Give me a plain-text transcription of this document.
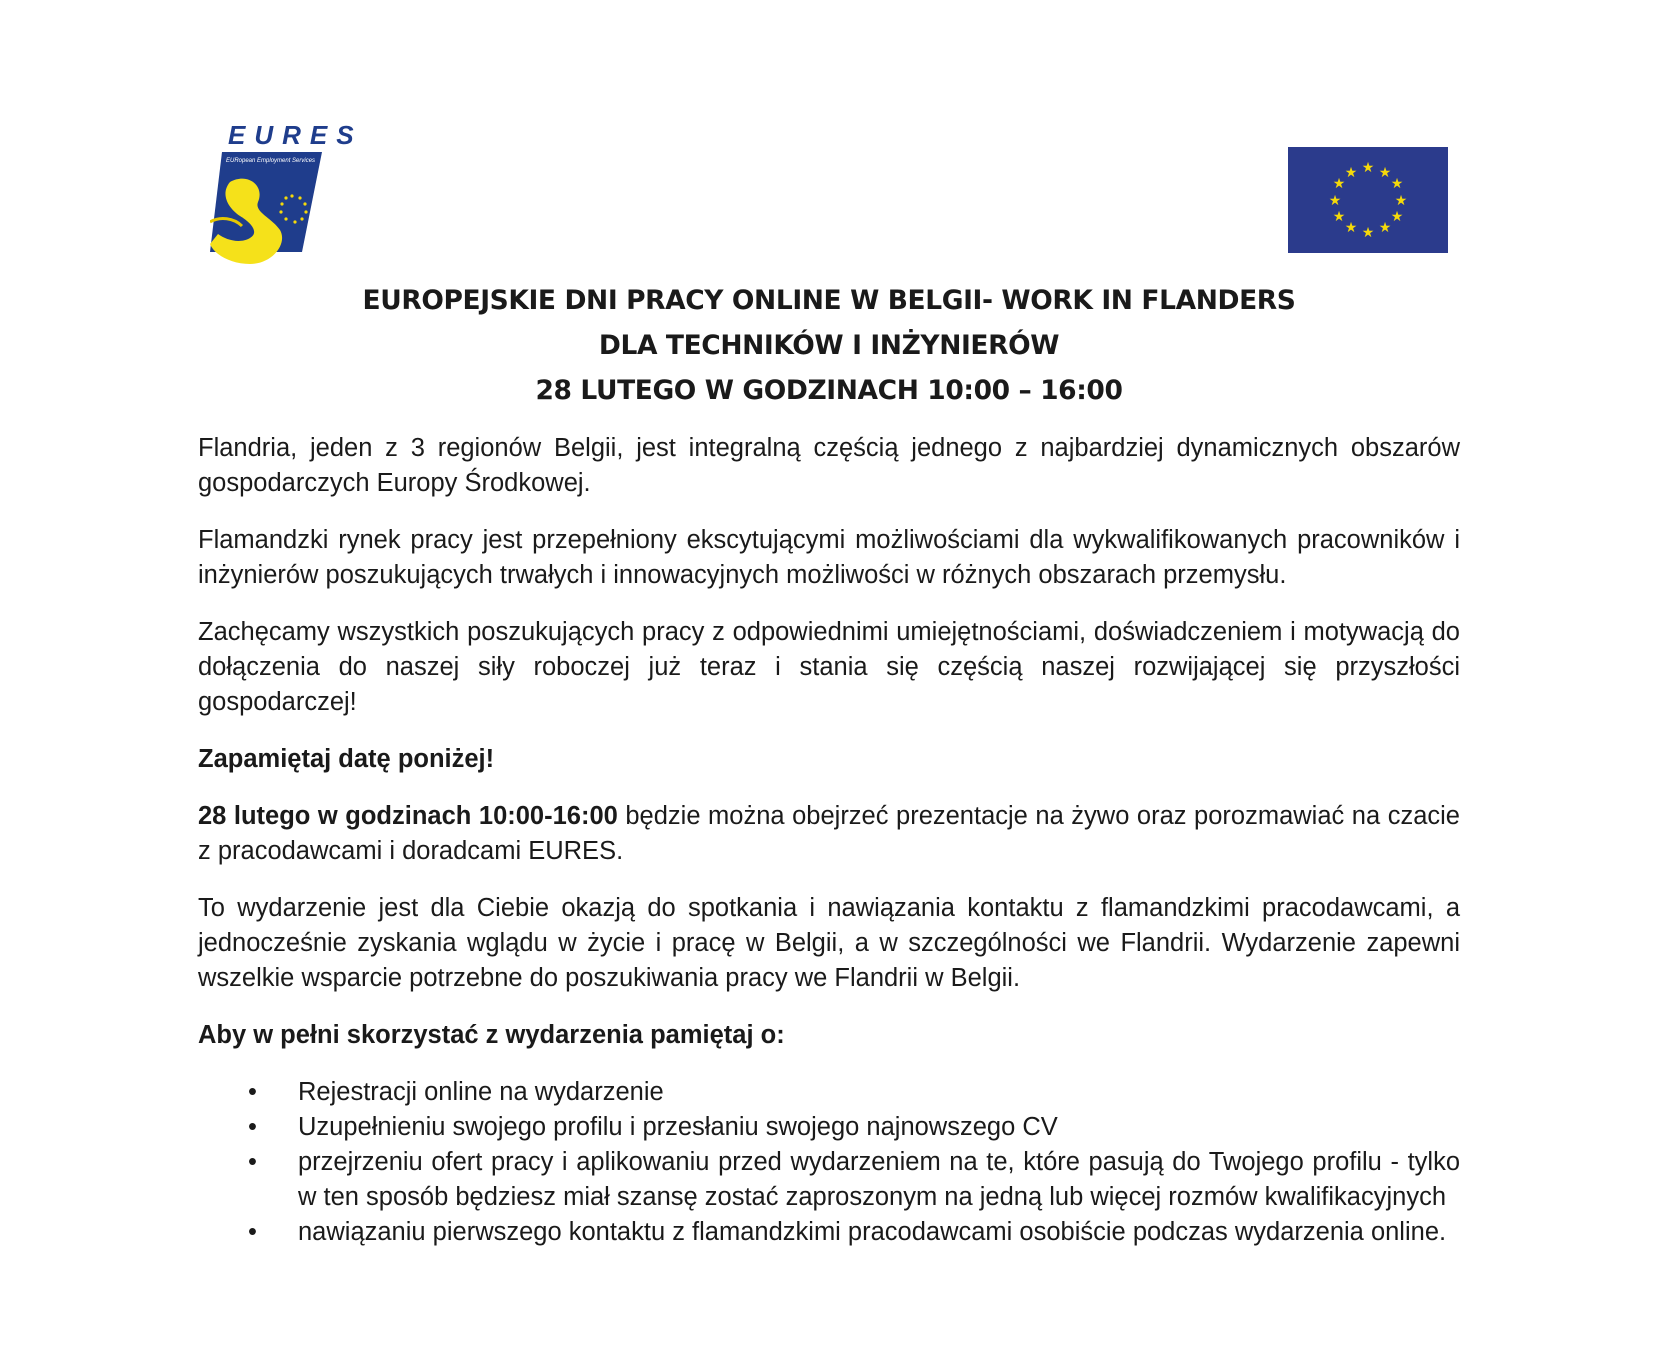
EURES
EURopean Employment Services	★ ★
★
★
★
★
★
★
★
★
★
★
EUROPEJSKIE DNI PRACY ONLINE W BELGII- WORK IN FLANDERS
DLA TECHNIKÓW I INŻYNIERÓW
28 LUTEGO W GODZINACH 10:00 – 16:00

Flandria, jeden z 3 regionów Belgii, jest integralną częścią jednego z najbardziej dynamicznych obszarów gospodarczych Europy Środkowej.

Flamandzki rynek pracy jest przepełniony ekscytującymi możliwościami dla wykwalifikowanych pracowników i inżynierów poszukujących trwałych i innowacyjnych możliwości w różnych obszarach przemysłu.

Zachęcamy wszystkich poszukujących pracy z odpowiednimi umiejętnościami, doświadczeniem i motywacją do dołączenia do naszej siły roboczej już teraz i stania się częścią naszej rozwijającej się przyszłości gospodarczej!

Zapamiętaj datę poniżej!

28 lutego w godzinach 10:00-16:00 będzie można obejrzeć prezentacje na żywo oraz porozmawiać na czacie z pracodawcami i doradcami EURES.

To wydarzenie jest dla Ciebie okazją do spotkania i nawiązania kontaktu z flamandzkimi pracodawcami, a jednocześnie zyskania wglądu w życie i pracę w Belgii, a w szczególności we Flandrii. Wydarzenie zapewni wszelkie wsparcie potrzebne do poszukiwania pracy we Flandrii w Belgii.

Aby w pełni skorzystać z wydarzenia pamiętaj o:

• Rejestracji online na wydarzenie
• Uzupełnieniu swojego profilu i przesłaniu swojego najnowszego CV
• przejrzeniu ofert pracy i aplikowaniu przed wydarzeniem na te, które pasują do Twojego profilu - tylko w ten sposób będziesz miał szansę zostać zaproszonym na jedną lub więcej rozmów kwalifikacyjnych
• nawiązaniu pierwszego kontaktu z flamandzkimi pracodawcami osobiście podczas wydarzenia online.
